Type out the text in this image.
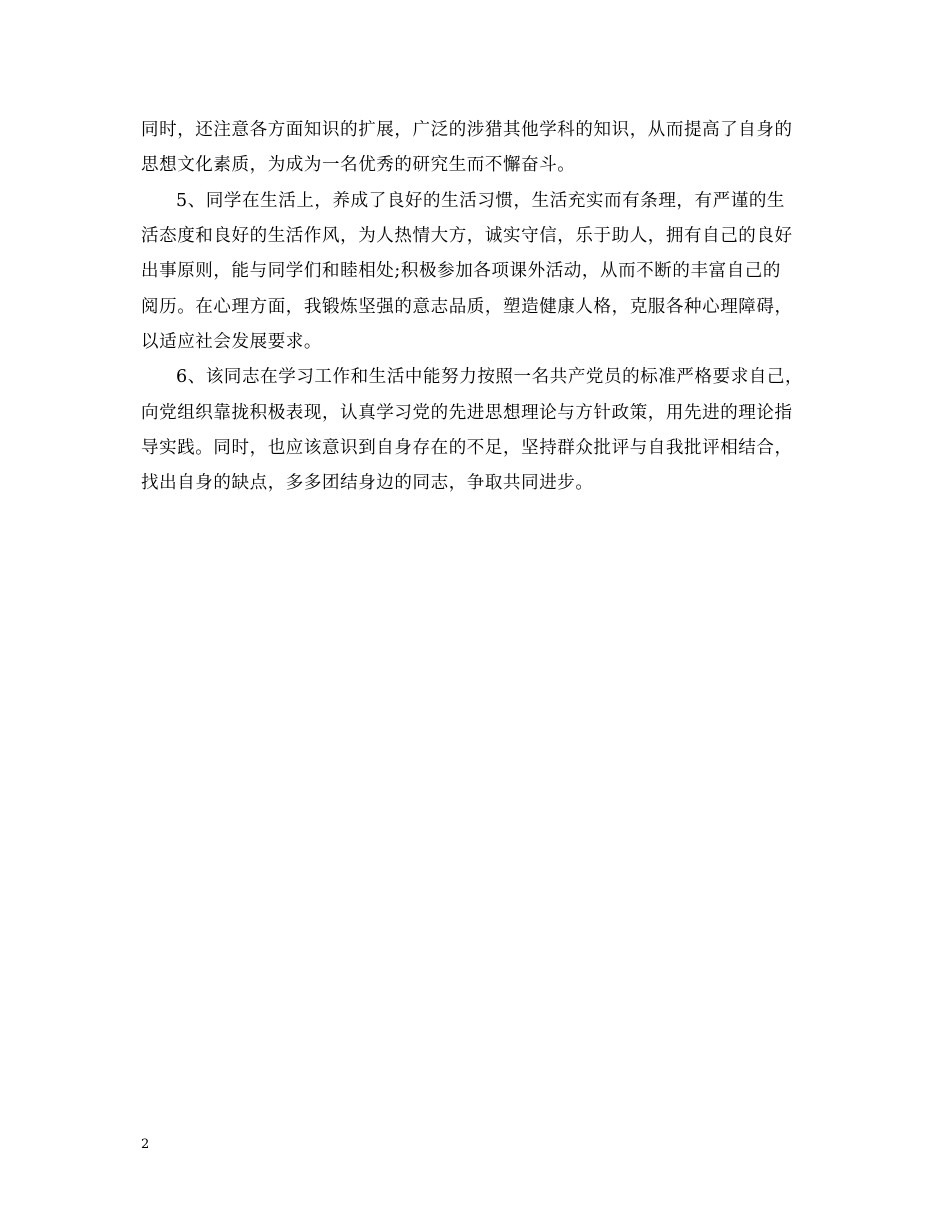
同时，还注意各方面知识的扩展，广泛的涉猎其他学科的知识，从而提高了自身的
思想文化素质，为成为一名优秀的研究生而不懈奋斗。
5、同学在生活上，养成了良好的生活习惯，生活充实而有条理，有严谨的生
活态度和良好的生活作风，为人热情大方，诚实守信，乐于助人，拥有自己的良好
出事原则，能与同学们和睦相处;积极参加各项课外活动，从而不断的丰富自己的
阅历。在心理方面，我锻炼坚强的意志品质，塑造健康人格，克服各种心理障碍，
以适应社会发展要求。
6、该同志在学习工作和生活中能努力按照一名共产党员的标准严格要求自己，
向党组织靠拢积极表现，认真学习党的先进思想理论与方针政策，用先进的理论指
导实践。同时，也应该意识到自身存在的不足，坚持群众批评与自我批评相结合，
找出自身的缺点，多多团结身边的同志，争取共同进步。
2
